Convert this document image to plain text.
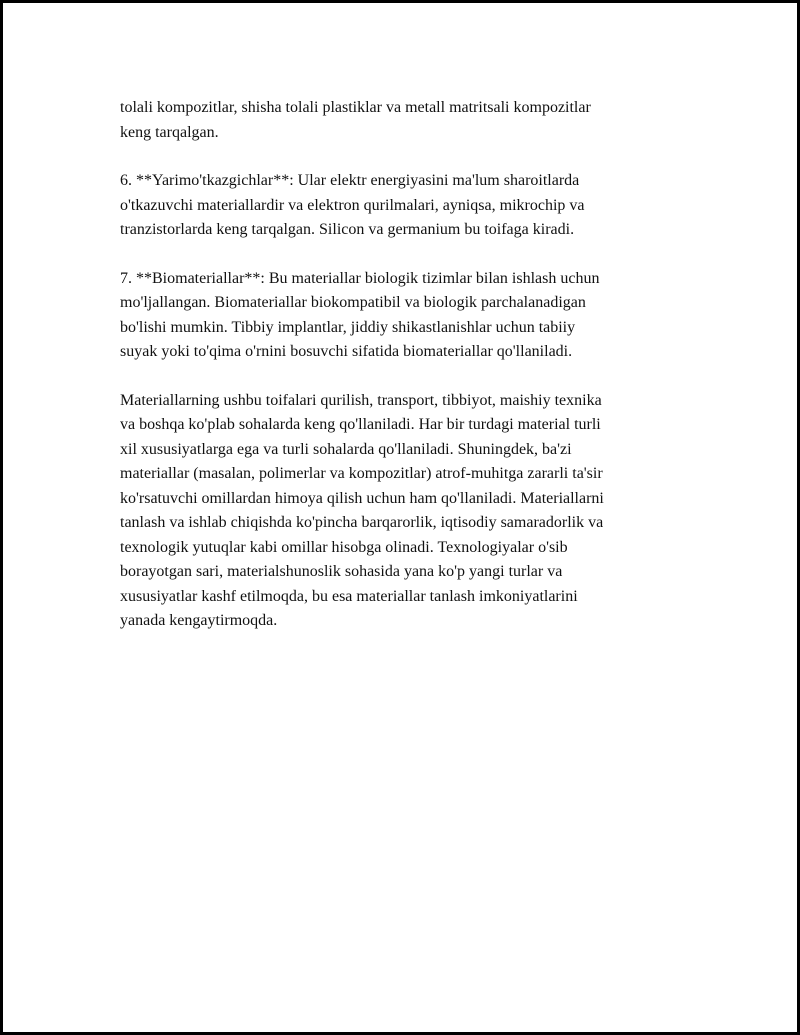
tolali kompozitlar, shisha tolali plastiklar va metall matritsali kompozitlar
keng tarqalgan.

6. **Yarimo'tkazgichlar**: Ular elektr energiyasini ma'lum sharoitlarda
o'tkazuvchi materiallardir va elektron qurilmalari, ayniqsa, mikrochip va
tranzistorlarda keng tarqalgan. Silicon va germanium bu toifaga kiradi.

7. **Biomateriallar**: Bu materiallar biologik tizimlar bilan ishlash uchun
mo'ljallangan. Biomateriallar biokompatibil va biologik parchalanadigan
bo'lishi mumkin. Tibbiy implantlar, jiddiy shikastlanishlar uchun tabiiy
suyak yoki to'qima o'rnini bosuvchi sifatida biomateriallar qo'llaniladi.

Materiallarning ushbu toifalari qurilish, transport, tibbiyot, maishiy texnika
va boshqa ko'plab sohalarda keng qo'llaniladi. Har bir turdagi material turli
xil xususiyatlarga ega va turli sohalarda qo'llaniladi. Shuningdek, ba'zi
materiallar (masalan, polimerlar va kompozitlar) atrof-muhitga zararli ta'sir
ko'rsatuvchi omillardan himoya qilish uchun ham qo'llaniladi. Materiallarni
tanlash va ishlab chiqishda ko'pincha barqarorlik, iqtisodiy samaradorlik va
texnologik yutuqlar kabi omillar hisobga olinadi. Texnologiyalar o'sib
borayotgan sari, materialshunoslik sohasida yana ko'p yangi turlar va
xususiyatlar kashf etilmoqda, bu esa materiallar tanlash imkoniyatlarini
yanada kengaytirmoqda.
